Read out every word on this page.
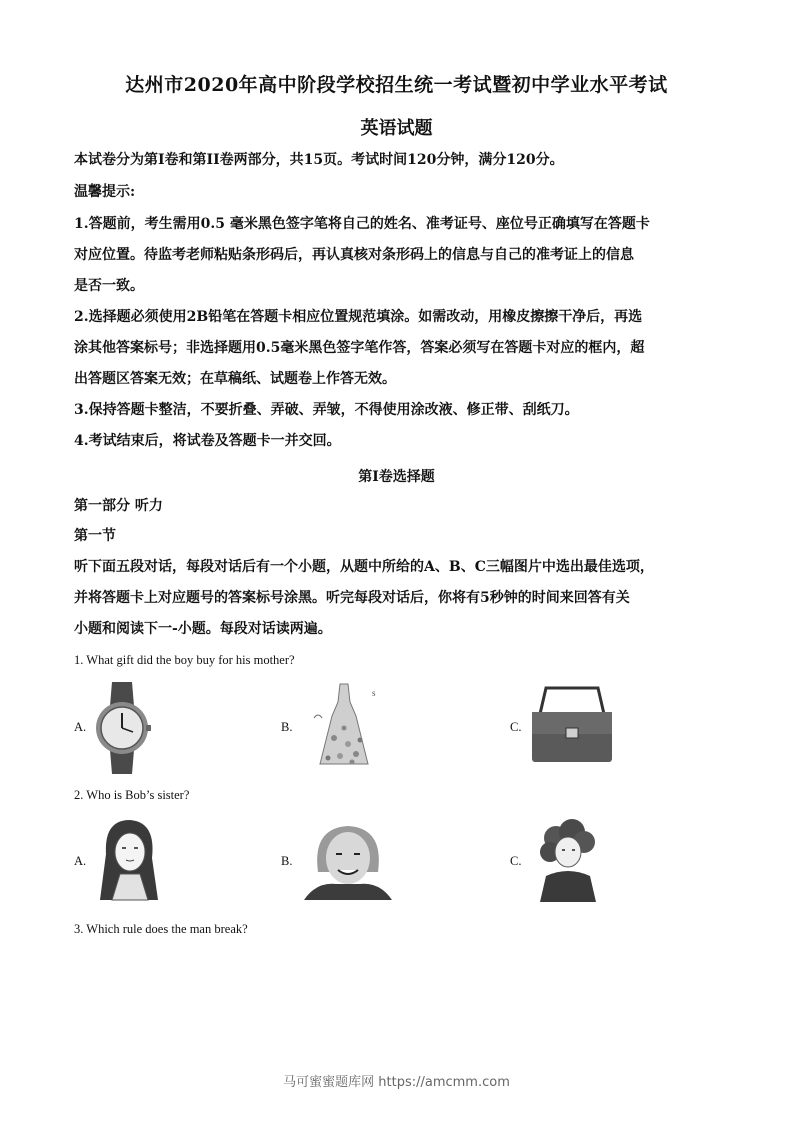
达州市2020年高中阶段学校招生统一考试暨初中学业水平考试
英语试题
本试卷分为第I卷和第II卷两部分，共15页。考试时间120分钟，满分120分。
温馨提示:
1.答题前，考生需用0.5 毫米黑色签字笔将自己的姓名、准考证号、座位号正确填写在答题卡
对应位置。待监考老师粘贴条形码后，再认真核对条形码上的信息与自己的准考证上的信息
是否一致。
2.选择题必须使用2B铅笔在答题卡相应位置规范填涂。如需改动，用橡皮擦擦干净后，再选
涂其他答案标号；非选择题用0.5毫米黑色签字笔作答，答案必须写在答题卡对应的框内，超
出答题区答案无效；在草稿纸、试题卷上作答无效。
3.保持答题卡整洁，不要折叠、弄破、弄皱，不得使用涂改液、修正带、刮纸刀。
4.考试结束后，将试卷及答题卡一并交回。
第I卷选择题
第一部分 听力
第一节
听下面五段对话，每段对话后有一个小题，从题中所给的A、B、C三幅图片中选出最佳选项，
并将答题卡上对应题号的答案标号涂黑。听完每段对话后，你将有5秒钟的时间来回答有关
小题和阅读下一-小题。每段对话读两遍。
1. What gift did the boy buy for his mother?
A.	B.	C.
s
2. Who is Bob’s sister?
A.	B.	C.
3. Which rule does the man break?
马可蜜蜜题库网 https://amcmm.com
